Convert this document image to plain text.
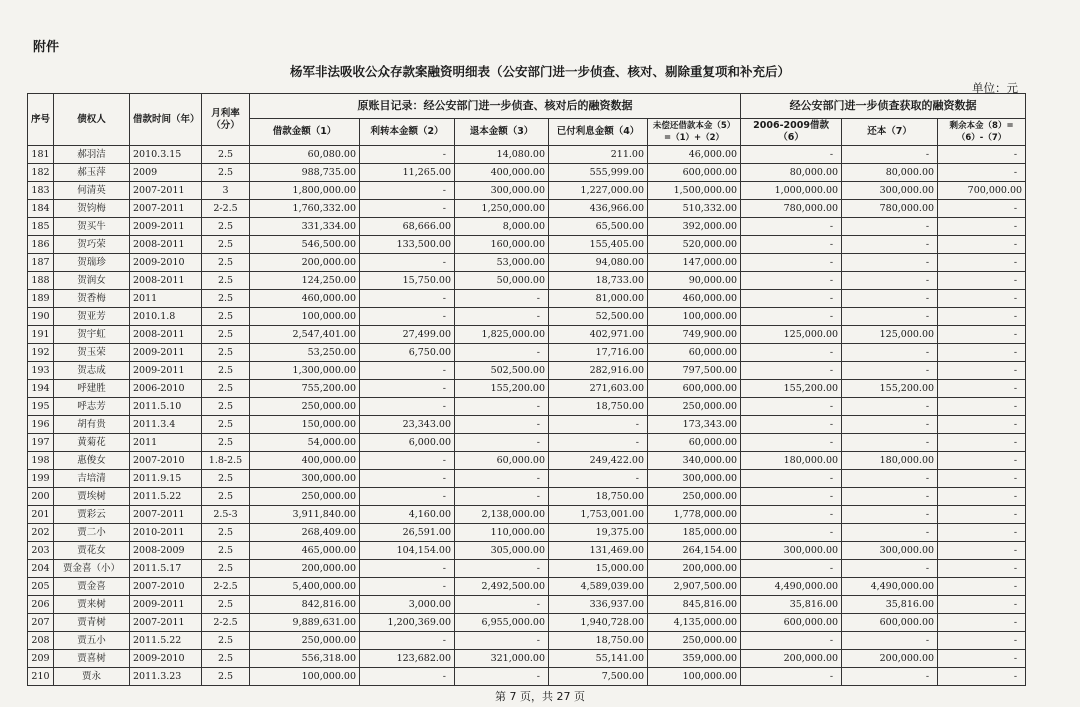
附件
杨军非法吸收公众存款案融资明细表（公安部门进一步侦查、核对、剔除重复项和补充后）
单位：元
序号	债权人	借款时间（年）	月利率（分）	原账目记录：经公安部门进一步侦查、核对后的融资数据					经公安部门进一步侦查获取的融资数据		
				借款金额（1）	利转本金额（2）	退本金额（3）	已付利息金额（4）	未偿还借款本金（5）=（1）+（2）	2006-2009借款（6）	还本（7）	剩余本金（8）=（6）-（7）
181	郝羽洁	2010.3.15	2.5	60,080.00	-	14,080.00	211.00	46,000.00	-	-	-
182	郝玉萍	2009	2.5	988,735.00	11,265.00	400,000.00	555,999.00	600,000.00	80,000.00	80,000.00	-
183	何清英	2007-2011	3	1,800,000.00	-	300,000.00	1,227,000.00	1,500,000.00	1,000,000.00	300,000.00	700,000.00
184	贺钧梅	2007-2011	2-2.5	1,760,332.00	-	1,250,000.00	436,966.00	510,332.00	780,000.00	780,000.00	-
185	贺买牛	2009-2011	2.5	331,334.00	68,666.00	8,000.00	65,500.00	392,000.00	-	-	-
186	贺巧荣	2008-2011	2.5	546,500.00	133,500.00	160,000.00	155,405.00	520,000.00	-	-	-
187	贺瑞珍	2009-2010	2.5	200,000.00	-	53,000.00	94,080.00	147,000.00	-	-	-
188	贺润女	2008-2011	2.5	124,250.00	15,750.00	50,000.00	18,733.00	90,000.00	-	-	-
189	贺香梅	2011	2.5	460,000.00	-	-	81,000.00	460,000.00	-	-	-
190	贺亚芳	2010.1.8	2.5	100,000.00	-	-	52,500.00	100,000.00	-	-	-
191	贺宇虹	2008-2011	2.5	2,547,401.00	27,499.00	1,825,000.00	402,971.00	749,900.00	125,000.00	125,000.00	-
192	贺玉荣	2009-2011	2.5	53,250.00	6,750.00	-	17,716.00	60,000.00	-	-	-
193	贺志成	2009-2011	2.5	1,300,000.00	-	502,500.00	282,916.00	797,500.00	-	-	-
194	呼建胜	2006-2010	2.5	755,200.00	-	155,200.00	271,603.00	600,000.00	155,200.00	155,200.00	-
195	呼志芳	2011.5.10	2.5	250,000.00	-	-	18,750.00	250,000.00	-	-	-
196	胡有贵	2011.3.4	2.5	150,000.00	23,343.00	-	-	173,343.00	-	-	-
197	黄菊花	2011	2.5	54,000.00	6,000.00	-	-	60,000.00	-	-	-
198	惠俊女	2007-2010	1.8-2.5	400,000.00	-	60,000.00	249,422.00	340,000.00	180,000.00	180,000.00	-
199	吉培清	2011.9.15	2.5	300,000.00	-	-	-	300,000.00	-	-	-
200	贾埃树	2011.5.22	2.5	250,000.00	-	-	18,750.00	250,000.00	-	-	-
201	贾彩云	2007-2011	2.5-3	3,911,840.00	4,160.00	2,138,000.00	1,753,001.00	1,778,000.00	-	-	-
202	贾二小	2010-2011	2.5	268,409.00	26,591.00	110,000.00	19,375.00	185,000.00	-	-	-
203	贾花女	2008-2009	2.5	465,000.00	104,154.00	305,000.00	131,469.00	264,154.00	300,000.00	300,000.00	-
204	贾金喜（小）	2011.5.17	2.5	200,000.00	-	-	15,000.00	200,000.00	-	-	-
205	贾金喜	2007-2010	2-2.5	5,400,000.00	-	2,492,500.00	4,589,039.00	2,907,500.00	4,490,000.00	4,490,000.00	-
206	贾来树	2009-2011	2.5	842,816.00	3,000.00	-	336,937.00	845,816.00	35,816.00	35,816.00	-
207	贾青树	2007-2011	2-2.5	9,889,631.00	1,200,369.00	6,955,000.00	1,940,728.00	4,135,000.00	600,000.00	600,000.00	-
208	贾五小	2011.5.22	2.5	250,000.00	-	-	18,750.00	250,000.00	-	-	-
209	贾喜树	2009-2010	2.5	556,318.00	123,682.00	321,000.00	55,141.00	359,000.00	200,000.00	200,000.00	-
210	贾永	2011.3.23	2.5	100,000.00	-	-	7,500.00	100,000.00	-	-	-
第 7 页，共 27 页
